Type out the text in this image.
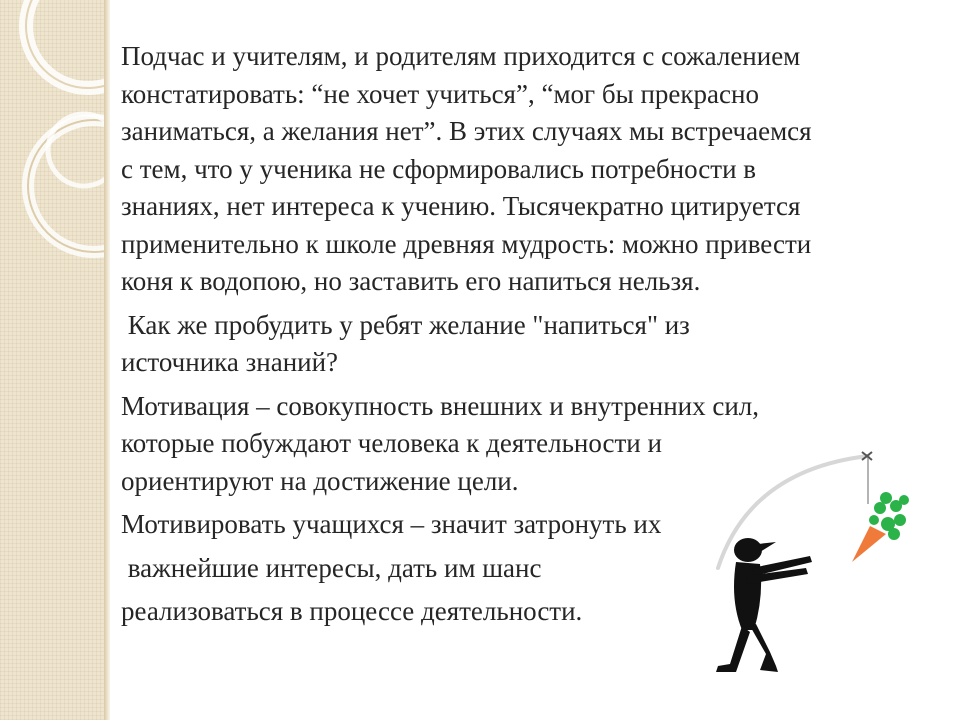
Подчас и учителям, и родителям приходится с сожалением
констатировать: “не хочет учиться”, “мог бы прекрасно
заниматься, а желания нет”. В этих случаях мы встречаемся
с тем, что у ученика не сформировались потребности в
знаниях, нет интереса к учению. Тысячекратно цитируется
применительно к школе древняя мудрость: можно привести
коня к водопою, но заставить его напиться нельзя.

Как же пробудить у ребят желание "напиться" из
источника знаний?

Мотивация – совокупность внешних и внутренних сил,
которые побуждают человека к деятельности и
ориентируют на достижение цели.

Мотивировать учащихся – значит затронуть их

важнейшие интересы, дать им шанс

реализоваться в процессе деятельности.
